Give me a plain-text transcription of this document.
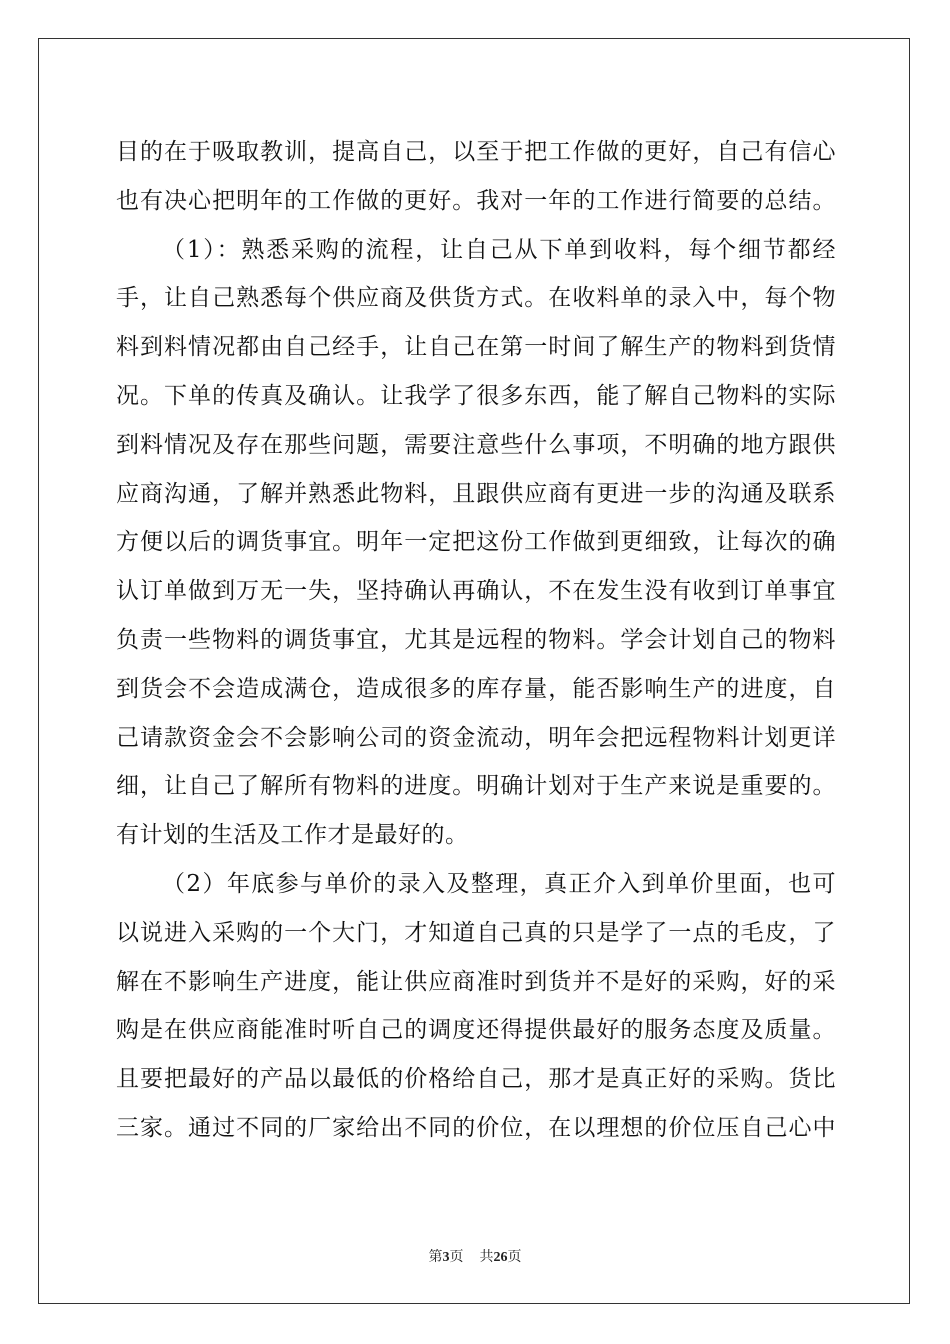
目的在于吸取教训，提高自己，以至于把工作做的更好，自己有信心
也有决心把明年的工作做的更好。我对一年的工作进行简要的总结。
（1）：熟悉采购的流程，让自己从下单到收料，每个细节都经
手，让自己熟悉每个供应商及供货方式。在收料单的录入中，每个物
料到料情况都由自己经手，让自己在第一时间了解生产的物料到货情
况。下单的传真及确认。让我学了很多东西，能了解自己物料的实际
到料情况及存在那些问题，需要注意些什么事项，不明确的地方跟供
应商沟通，了解并熟悉此物料，且跟供应商有更进一步的沟通及联系
方便以后的调货事宜。明年一定把这份工作做到更细致，让每次的确
认订单做到万无一失，坚持确认再确认，不在发生没有收到订单事宜
负责一些物料的调货事宜，尤其是远程的物料。学会计划自己的物料
到货会不会造成满仓，造成很多的库存量，能否影响生产的进度，自
己请款资金会不会影响公司的资金流动，明年会把远程物料计划更详
细，让自己了解所有物料的进度。明确计划对于生产来说是重要的。
有计划的生活及工作才是最好的。
（2）年底参与单价的录入及整理，真正介入到单价里面，也可
以说进入采购的一个大门，才知道自己真的只是学了一点的毛皮，了
解在不影响生产进度，能让供应商准时到货并不是好的采购，好的采
购是在供应商能准时听自己的调度还得提供最好的服务态度及质量。
且要把最好的产品以最低的价格给自己，那才是真正好的采购。货比
三家。通过不同的厂家给出不同的价位，在以理想的价位压自己心中
第3页 共26页
